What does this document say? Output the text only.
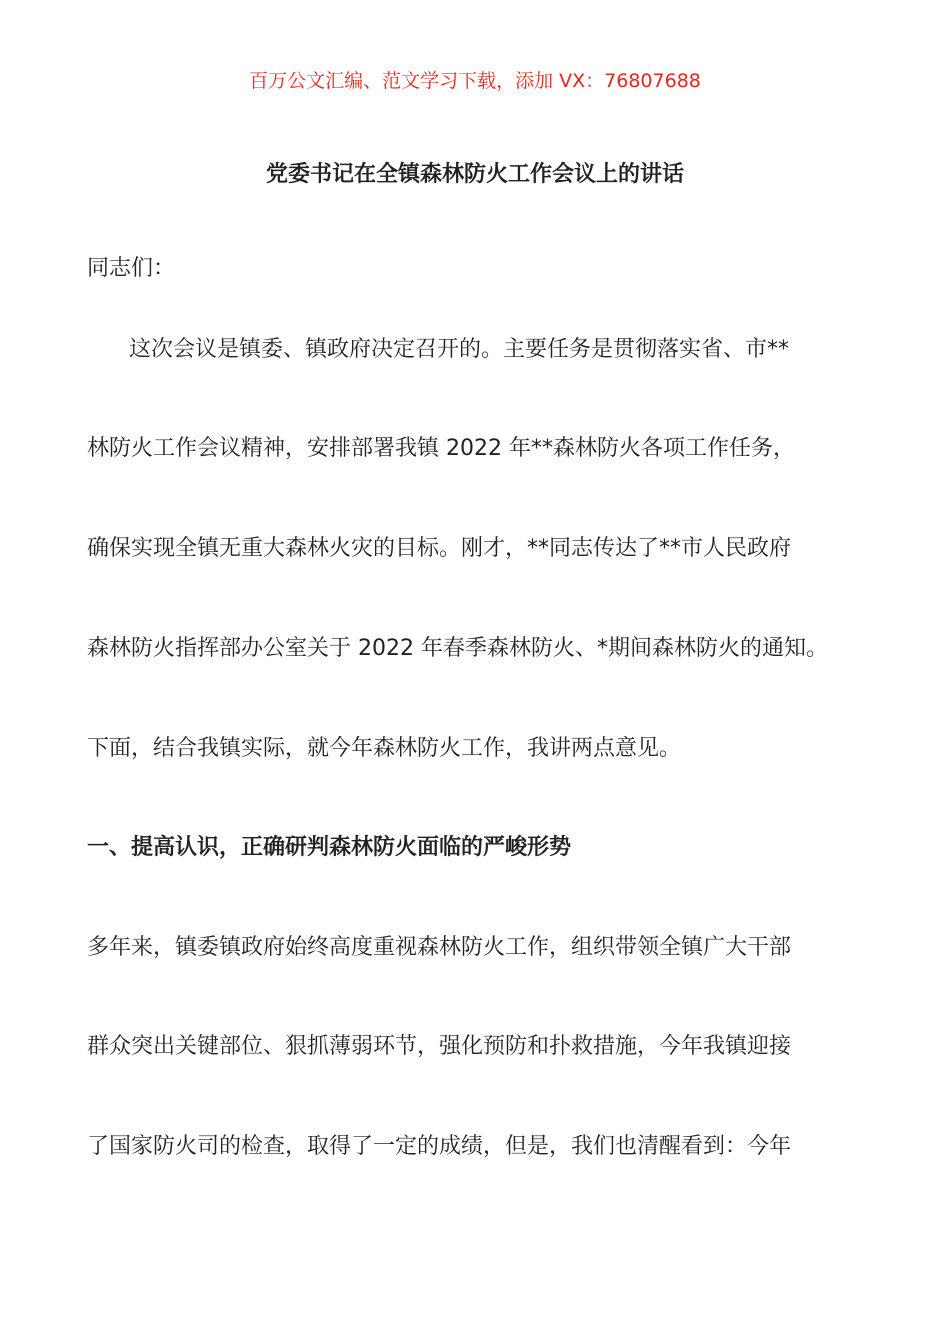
百万公文汇编、范文学习下载，添加 VX：76807688
党委书记在全镇森林防火工作会议上的讲话
同志们：
这次会议是镇委、镇政府决定召开的。主要任务是贯彻落实省、市**
林防火工作会议精神，安排部署我镇 2022 年**森林防火各项工作任务，
确保实现全镇无重大森林火灾的目标。刚才，**同志传达了**市人民政府
森林防火指挥部办公室关于 2022 年春季森林防火、*期间森林防火的通知。
下面，结合我镇实际，就今年森林防火工作，我讲两点意见。
一、提高认识，正确研判森林防火面临的严峻形势
多年来，镇委镇政府始终高度重视森林防火工作，组织带领全镇广大干部
群众突出关键部位、狠抓薄弱环节，强化预防和扑救措施，今年我镇迎接
了国家防火司的检查，取得了一定的成绩，但是，我们也清醒看到：今年
